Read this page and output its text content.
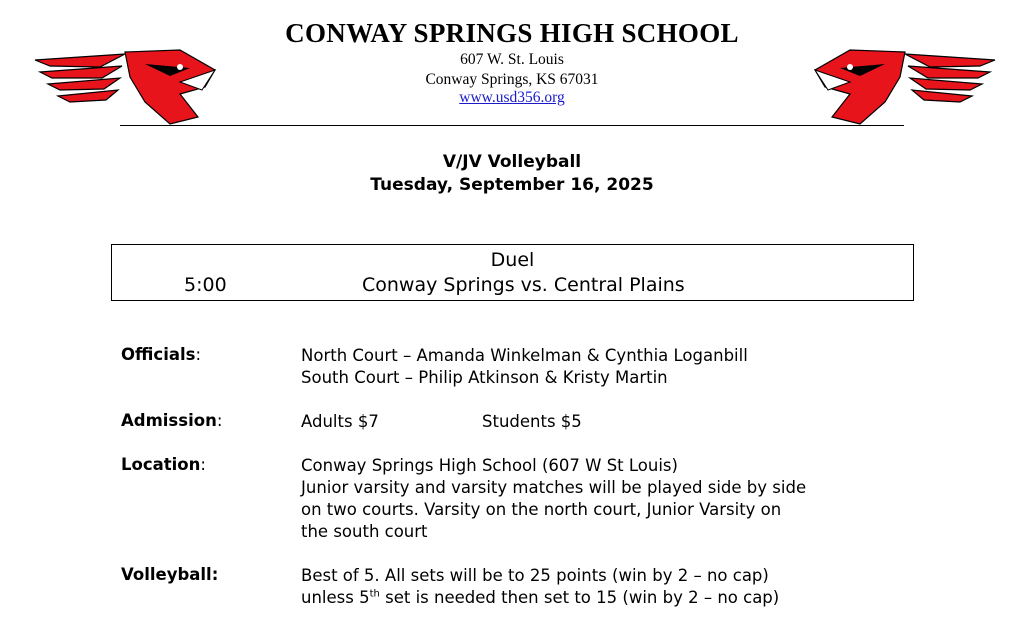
CONWAY SPRINGS HIGH SCHOOL
607 W. St. Louis
Conway Springs, KS 67031
www.usd356.org
V/JV Volleyball
Tuesday, September 16, 2025
Duel
5:00	Conway Springs vs. Central Plains
Officials:	North Court – Amanda Winkelman & Cynthia Loganbill
South Court – Philip Atkinson & Kristy Martin
Admission:	Adults $7	Students $5
Location:	Conway Springs High School (607 W St Louis)
Junior varsity and varsity matches will be played side by side
on two courts. Varsity on the north court, Junior Varsity on
the south court
Volleyball:	Best of 5. All sets will be to 25 points (win by 2 – no cap)
unless 5th set is needed then set to 15 (win by 2 – no cap)
